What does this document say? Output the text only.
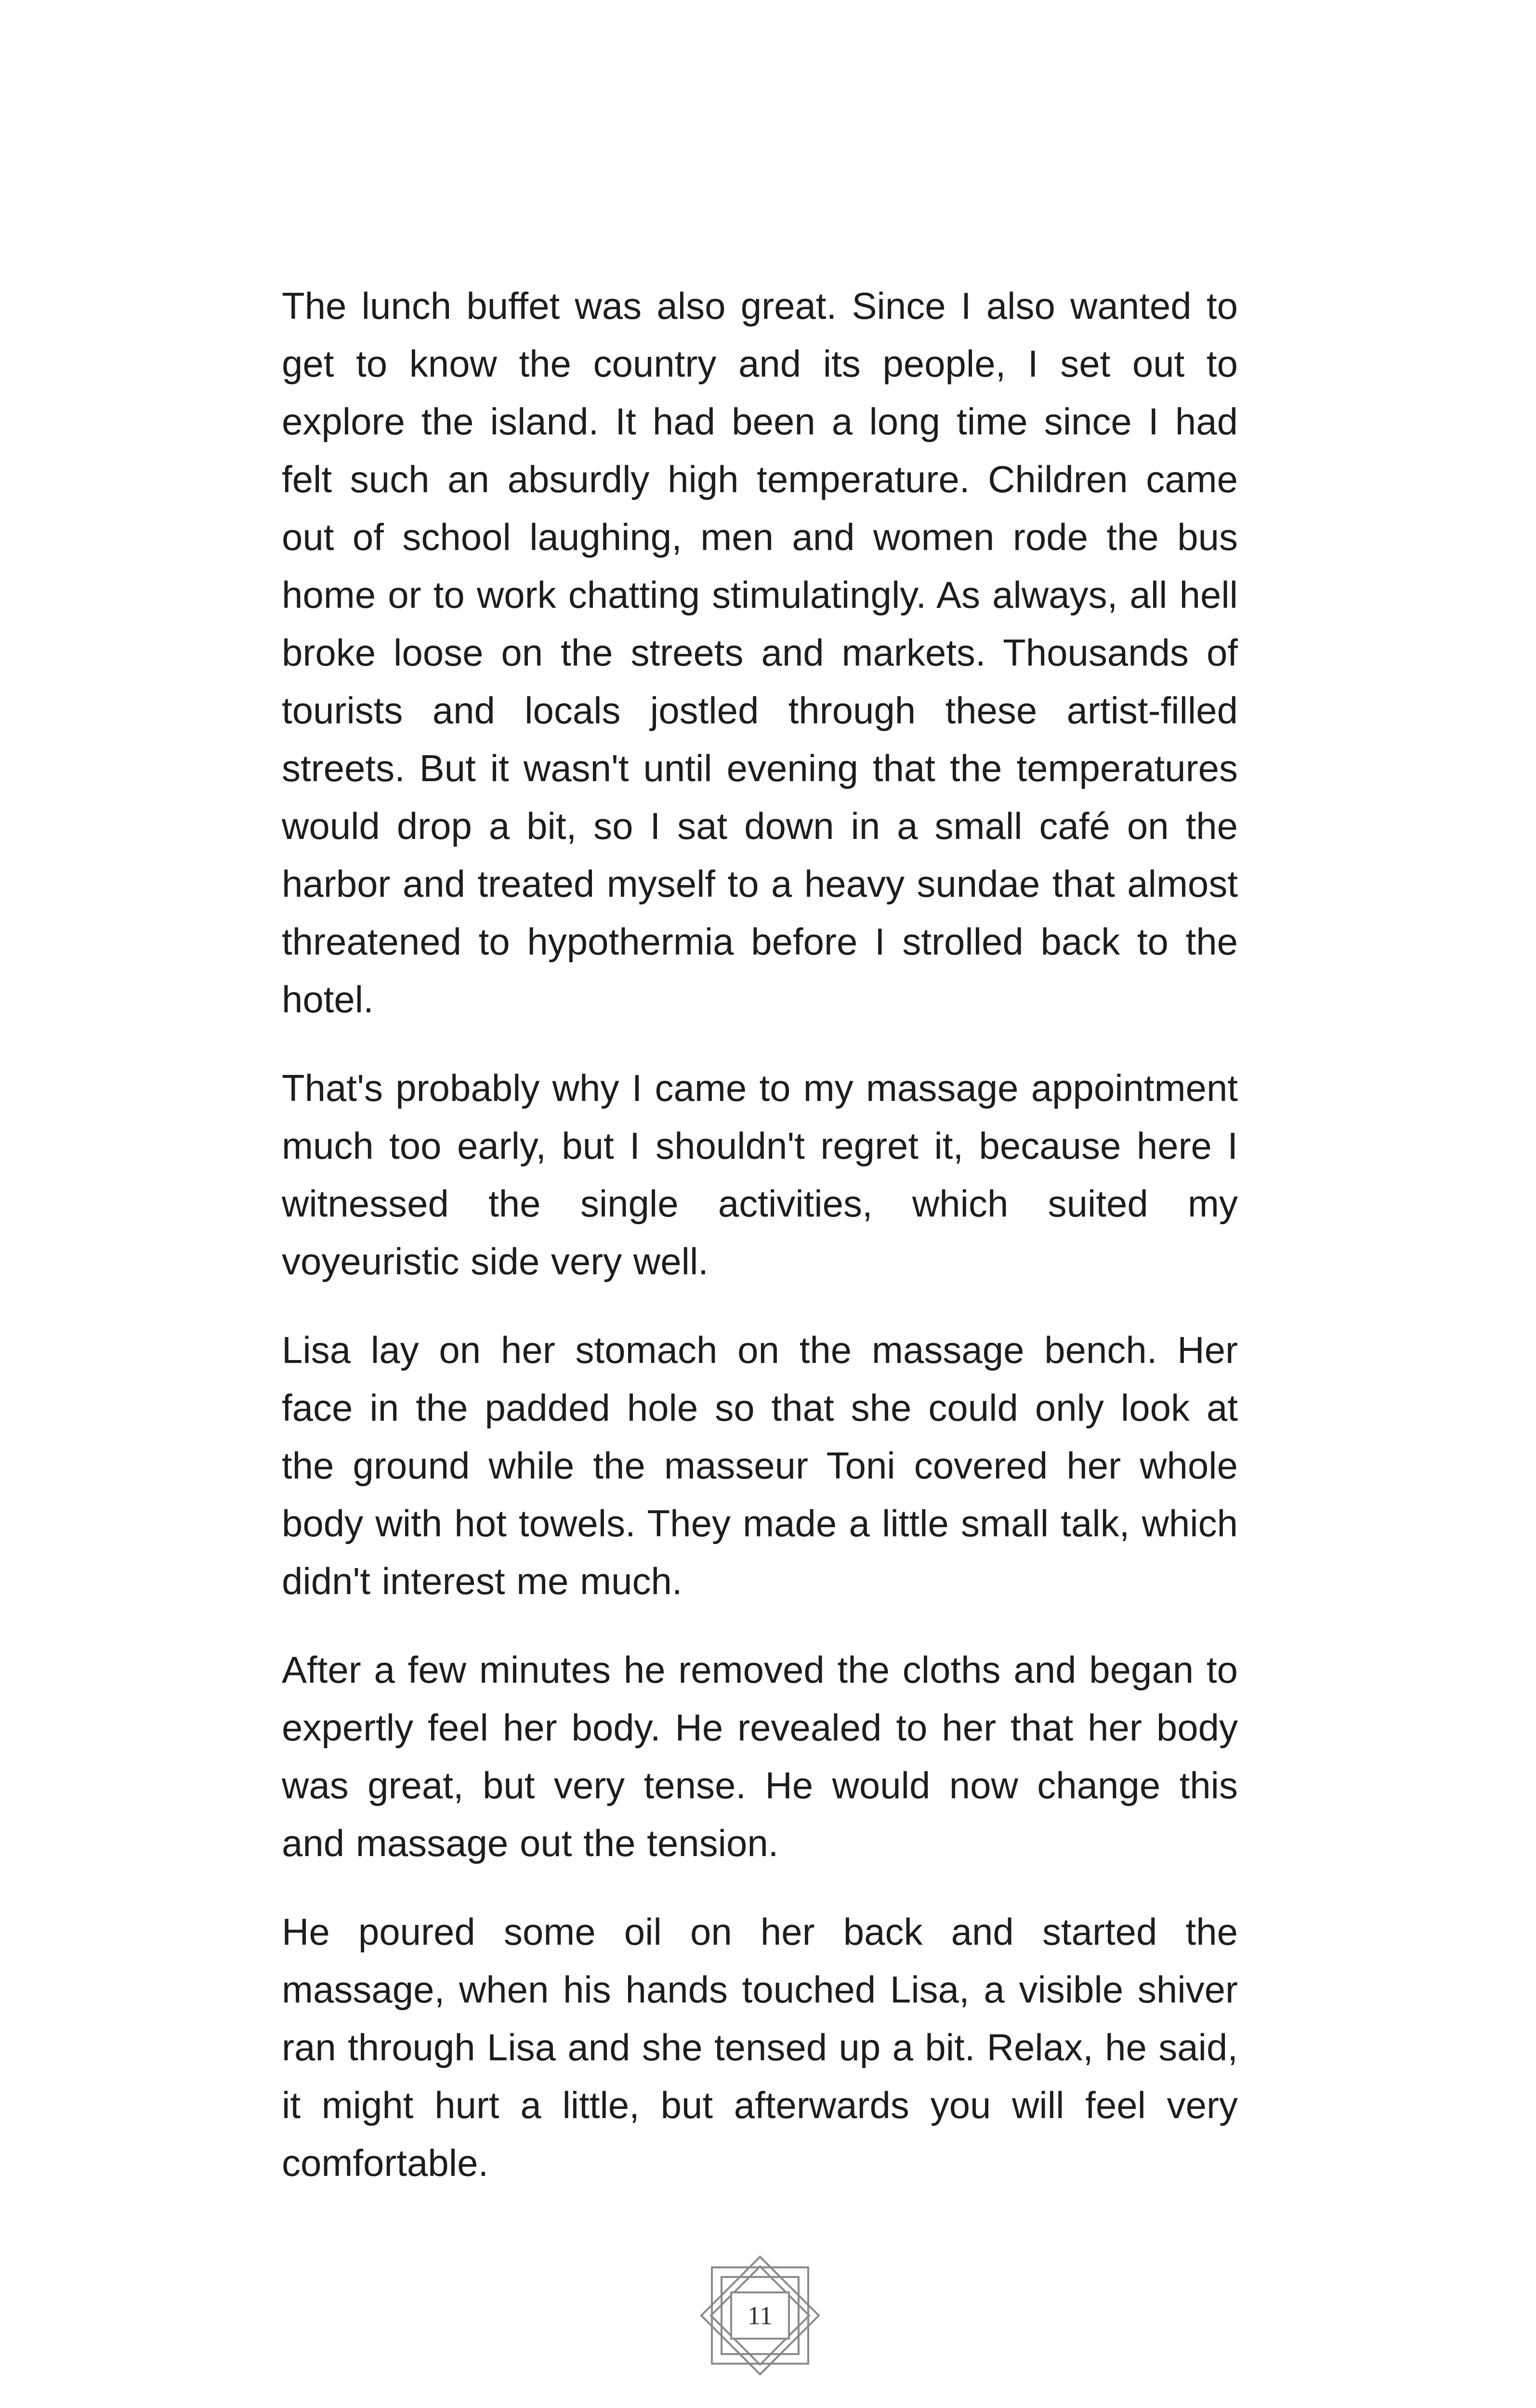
The lunch buffet was also great. Since I also wanted to get to know the country and its people, I set out to explore the island. It had been a long time since I had felt such an absurdly high temperature. Children came out of school laughing, men and women rode the bus home or to work chatting stimulatingly. As always, all hell broke loose on the streets and markets. Thousands of tourists and locals jostled through these artist-filled streets. But it wasn't until evening that the temperatures would drop a bit, so I sat down in a small café on the harbor and treated myself to a heavy sundae that almost threatened to hypothermia before I strolled back to the hotel.

That's probably why I came to my massage appointment much too early, but I shouldn't regret it, because here I witnessed the single activities, which suited my voyeuristic side very well.

Lisa lay on her stomach on the massage bench. Her face in the padded hole so that she could only look at the ground while the masseur Toni covered her whole body with hot towels. They made a little small talk, which didn't interest me much.

After a few minutes he removed the cloths and began to expertly feel her body. He revealed to her that her body was great, but very tense. He would now change this and massage out the tension.

He poured some oil on her back and started the massage, when his hands touched Lisa, a visible shiver ran through Lisa and she tensed up a bit. Relax, he said, it might hurt a little, but afterwards you will feel very comfortable.

11
